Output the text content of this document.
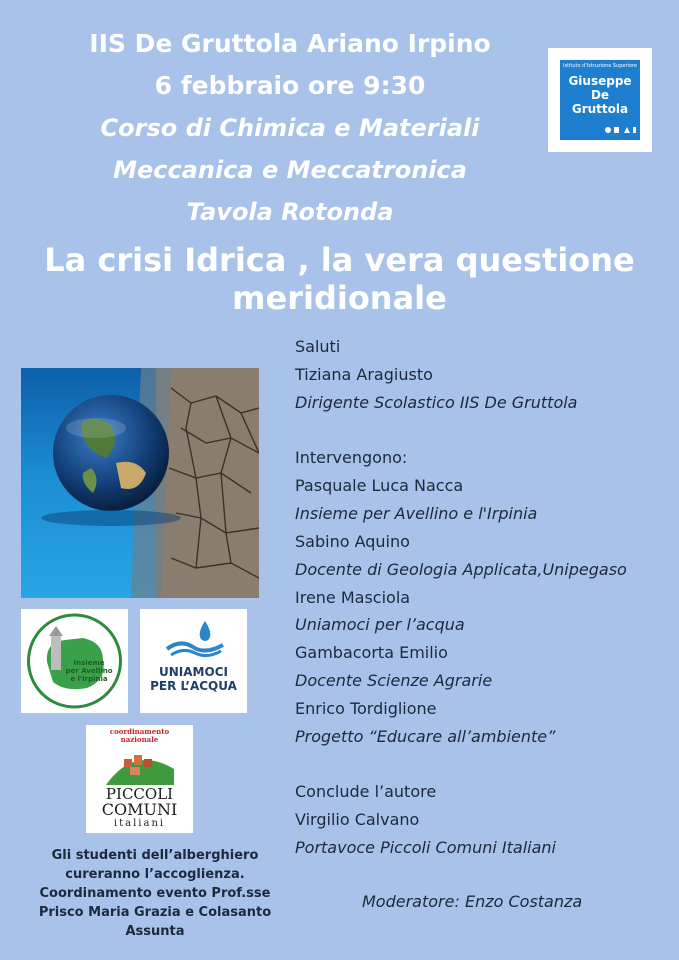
IIS De Gruttola Ariano Irpino
6 febbraio ore 9:30
Corso di Chimica e Materiali
Meccanica e Meccatronica
Tavola Rotonda
Istituto d'Istruzione Superiore
Giuseppe
De
Gruttola
La crisi Idrica , la vera questione
meridionale
Insieme
per Avellino
e l'Irpinia	UNIAMOCI
PER L’ACQUA
coordinamento
nazionale
PICCOLI
COMUNI
italiani
Gli studenti dell’alberghiero
cureranno l’accoglienza.
Coordinamento evento Prof.sse
Prisco Maria Grazia e Colasanto
Assunta
Saluti
Tiziana Aragiusto
Dirigente Scolastico IIS De Gruttola
Intervengono:
Pasquale Luca Nacca
Insieme per Avellino e l'Irpinia
Sabino Aquino
Docente di Geologia Applicata,Unipegaso
Irene Masciola
Uniamoci per l’acqua
Gambacorta Emilio
Docente Scienze Agrarie
Enrico Tordiglione
Progetto “Educare all’ambiente”
Conclude l’autore
Virgilio Calvano
Portavoce Piccoli Comuni Italiani
Moderatore: Enzo Costanza
